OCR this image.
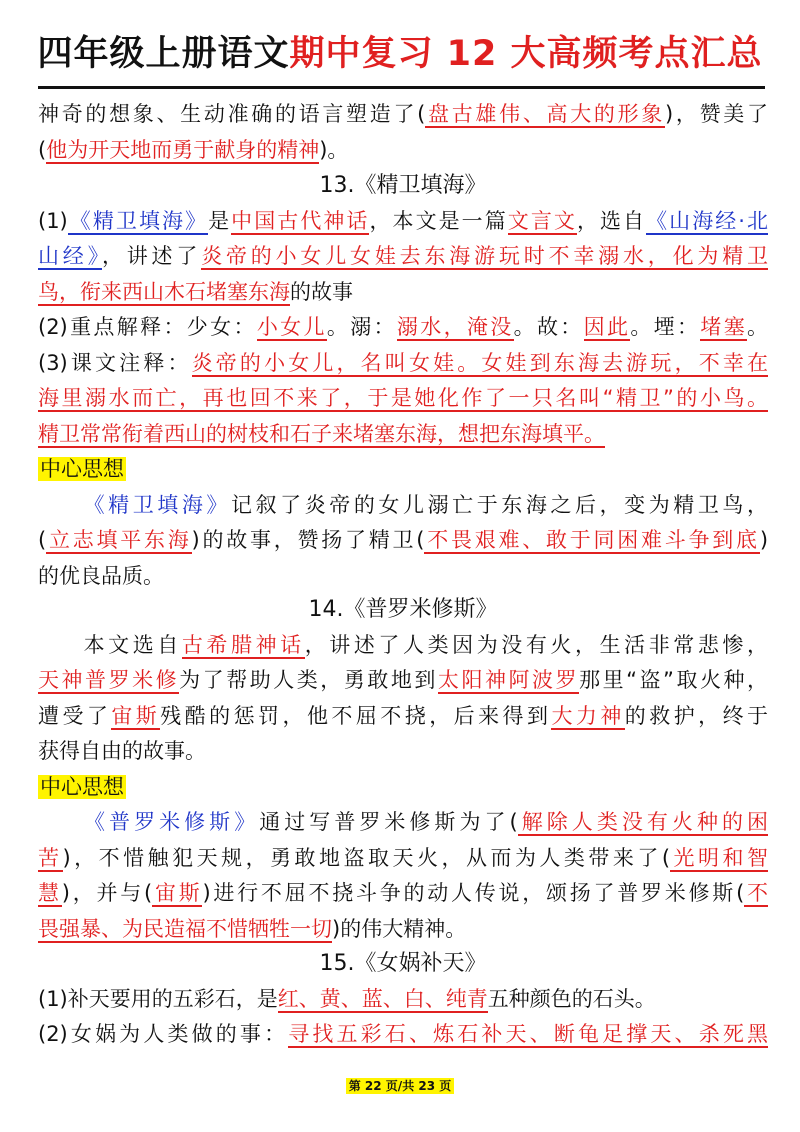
四年级上册语文期中复习 12 大高频考点汇总
神奇的想象、生动准确的语言塑造了(盘古雄伟、高大的形象)，赞美了
(他为开天地而勇于献身的精神)。
13.《精卫填海》
(1)《精卫填海》是中国古代神话，本文是一篇文言文，选自《山海经·北
山经》，讲述了炎帝的小女儿女娃去东海游玩时不幸溺水，化为精卫
鸟，衔来西山木石堵塞东海的故事
(2)重点解释：少女：小女儿。溺：溺水，淹没。故：因此。堙：堵塞。
(3)课文注释：炎帝的小女儿，名叫女娃。女娃到东海去游玩，不幸在
海里溺水而亡，再也回不来了，于是她化作了一只名叫“精卫”的小鸟。
精卫常常衔着西山的树枝和石子来堵塞东海，想把东海填平。
中心思想
《精卫填海》记叙了炎帝的女儿溺亡于东海之后，变为精卫鸟，
(立志填平东海)的故事，赞扬了精卫(不畏艰难、敢于同困难斗争到底)
的优良品质。
14.《普罗米修斯》
本文选自古希腊神话，讲述了人类因为没有火，生活非常悲惨，
天神普罗米修为了帮助人类，勇敢地到太阳神阿波罗那里“盗”取火种，
遭受了宙斯残酷的惩罚，他不屈不挠，后来得到大力神的救护，终于
获得自由的故事。
中心思想
《普罗米修斯》通过写普罗米修斯为了(解除人类没有火种的困
苦)，不惜触犯天规，勇敢地盗取天火，从而为人类带来了(光明和智
慧)，并与(宙斯)进行不屈不挠斗争的动人传说，颂扬了普罗米修斯(不
畏强暴、为民造福不惜牺牲一切)的伟大精神。
15.《女娲补天》
(1)补天要用的五彩石，是红、黄、蓝、白、纯青五种颜色的石头。
(2)女娲为人类做的事：寻找五彩石、炼石补天、断龟足撑天、杀死黑
第 22 页/共 23 页
